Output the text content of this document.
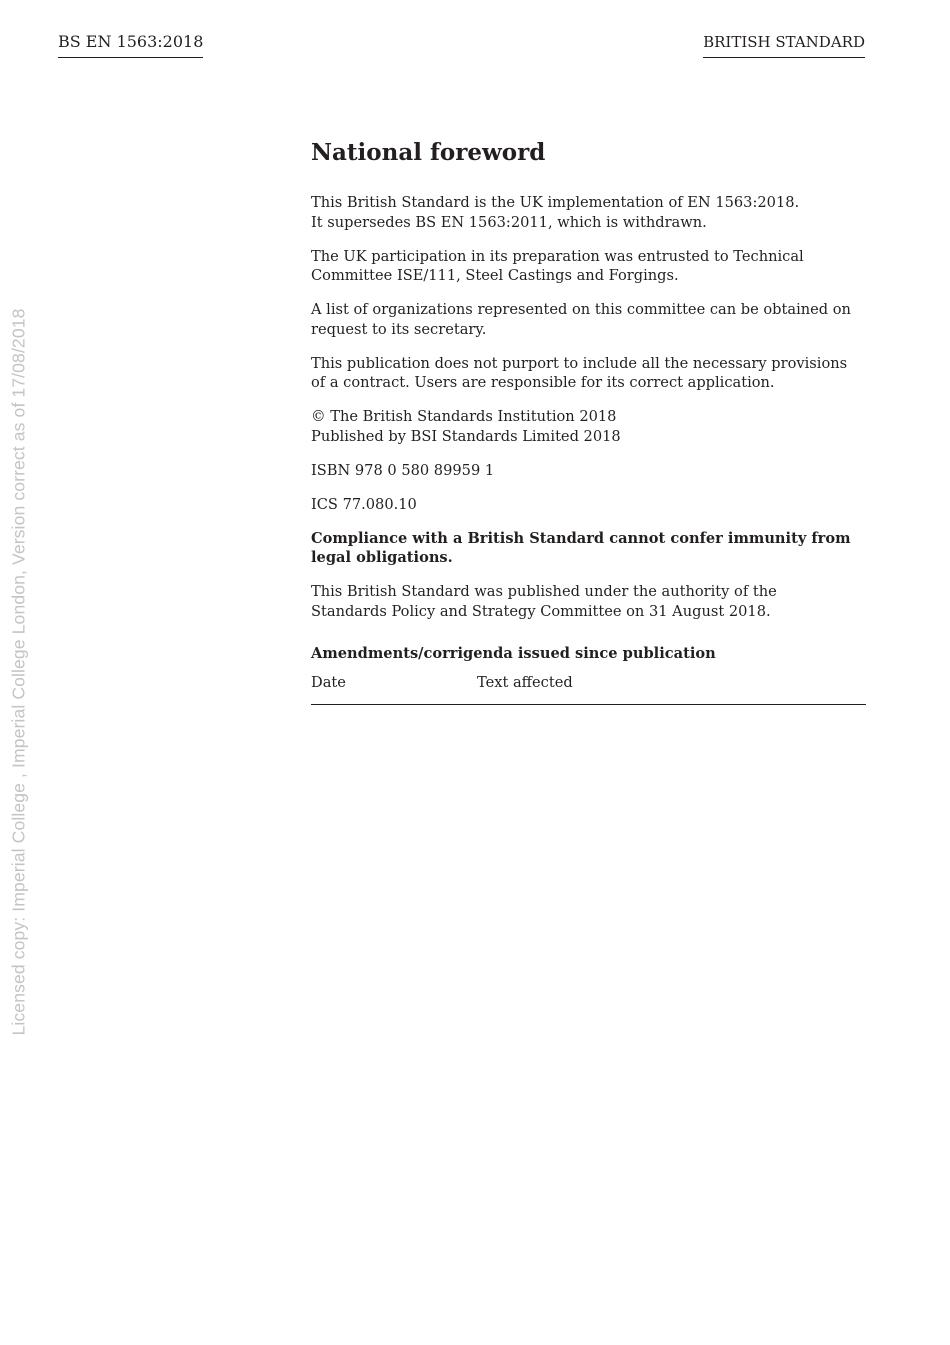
BS EN 1563:2018	BRITISH STANDARD
Licensed copy: Imperial College , Imperial College London, Version correct as of 17/08/2018
National foreword

This British Standard is the UK implementation of EN 1563:2018.
It supersedes BS EN 1563:2011, which is withdrawn.

The UK participation in its preparation was entrusted to Technical
Committee ISE/111, Steel Castings and Forgings.

A list of organizations represented on this committee can be obtained on
request to its secretary.

This publication does not purport to include all the necessary provisions
of a contract. Users are responsible for its correct application.

© The British Standards Institution 2018
Published by BSI Standards Limited 2018

ISBN 978 0 580 89959 1

ICS 77.080.10

Compliance with a British Standard cannot confer immunity from
legal obligations.

This British Standard was published under the authority of the
Standards Policy and Strategy Committee on 31 August 2018.

Amendments/corrigenda issued since publication
Date	Text affected
